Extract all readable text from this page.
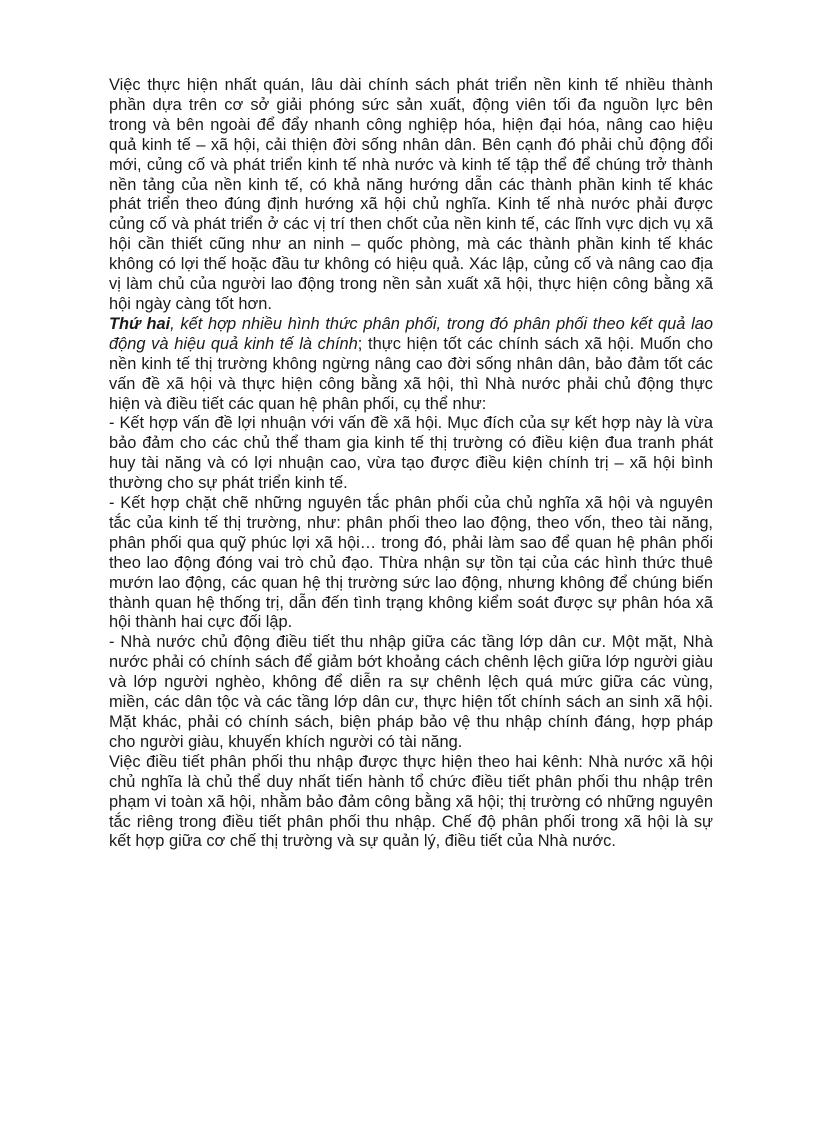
Việc thực hiện nhất quán, lâu dài chính sách phát triển nền kinh tế nhiều thành phần dựa trên cơ sở giải phóng sức sản xuất, động viên tối đa nguồn lực bên trong và bên ngoài để đẩy nhanh công nghiệp hóa, hiện đại hóa, nâng cao hiệu quả kinh tế – xã hội, cải thiện đời sống nhân dân. Bên cạnh đó phải chủ động đổi mới, củng cố và phát triển kinh tế nhà nước và kinh tế tập thể để chúng trở thành nền tảng của nền kinh tế, có khả năng hướng dẫn các thành phần kinh tế khác phát triển theo đúng định hướng xã hội chủ nghĩa. Kinh tế nhà nước phải được củng cố và phát triển ở các vị trí then chốt của nền kinh tế, các lĩnh vực dịch vụ xã hội cần thiết cũng như an ninh – quốc phòng, mà các thành phần kinh tế khác không có lợi thế hoặc đầu tư không có hiệu quả. Xác lập, củng cố và nâng cao địa vị làm chủ của người lao động trong nền sản xuất xã hội, thực hiện công bằng xã hội ngày càng tốt hơn.

Thứ hai, kết hợp nhiều hình thức phân phối, trong đó phân phối theo kết quả lao động và hiệu quả kinh tế là chính; thực hiện tốt các chính sách xã hội. Muốn cho nền kinh tế thị trường không ngừng nâng cao đời sống nhân dân, bảo đảm tốt các vấn đề xã hội và thực hiện công bằng xã hội, thì Nhà nước phải chủ động thực hiện và điều tiết các quan hệ phân phối, cụ thể như:

- Kết hợp vấn đề lợi nhuận với vấn đề xã hội. Mục đích của sự kết hợp này là vừa bảo đảm cho các chủ thể tham gia kinh tế thị trường có điều kiện đua tranh phát huy tài năng và có lợi nhuận cao, vừa tạo được điều kiện chính trị – xã hội bình thường cho sự phát triển kinh tế.

- Kết hợp chặt chẽ những nguyên tắc phân phối của chủ nghĩa xã hội và nguyên tắc của kinh tế thị trường, như: phân phối theo lao động, theo vốn, theo tài năng, phân phối qua quỹ phúc lợi xã hội… trong đó, phải làm sao để quan hệ phân phối theo lao động đóng vai trò chủ đạo. Thừa nhận sự tồn tại của các hình thức thuê mướn lao động, các quan hệ thị trường sức lao động, nhưng không để chúng biến thành quan hệ thống trị, dẫn đến tình trạng không kiểm soát được sự phân hóa xã hội thành hai cực đối lập.

- Nhà nước chủ động điều tiết thu nhập giữa các tầng lớp dân cư. Một mặt, Nhà nước phải có chính sách để giảm bớt khoảng cách chênh lệch giữa lớp người giàu và lớp người nghèo, không để diễn ra sự chênh lệch quá mức giữa các vùng, miền, các dân tộc và các tầng lớp dân cư, thực hiện tốt chính sách an sinh xã hội. Mặt khác, phải có chính sách, biện pháp bảo vệ thu nhập chính đáng, hợp pháp cho người giàu, khuyến khích người có tài năng.

Việc điều tiết phân phối thu nhập được thực hiện theo hai kênh: Nhà nước xã hội chủ nghĩa là chủ thể duy nhất tiến hành tổ chức điều tiết phân phối thu nhập trên phạm vi toàn xã hội, nhằm bảo đảm công bằng xã hội; thị trường có những nguyên tắc riêng trong điều tiết phân phối thu nhập. Chế độ phân phối trong xã hội là sự kết hợp giữa cơ chế thị trường và sự quản lý, điều tiết của Nhà nước.
